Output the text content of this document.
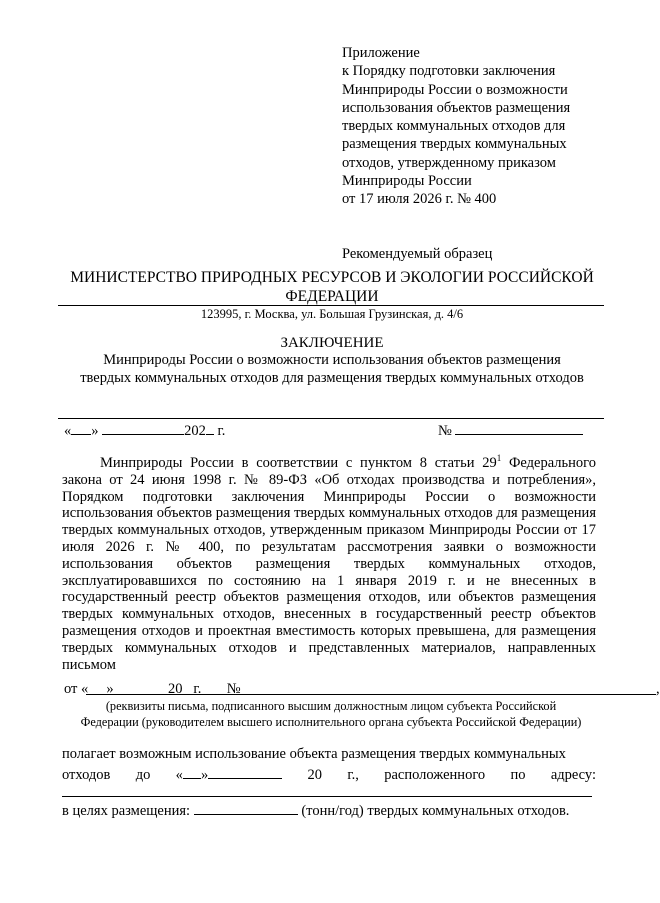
Приложение
к Порядку подготовки заключения
Минприроды России о возможности
использования объектов размещения
твердых коммунальных отходов для
размещения твердых коммунальных
отходов, утвержденному приказом
Минприроды России
от 17 июля 2026 г. № 400
Рекомендуемый образец
МИНИСТЕРСТВО ПРИРОДНЫХ РЕСУРСОВ И ЭКОЛОГИИ РОССИЙСКОЙ
ФЕДЕРАЦИИ
123995, г. Москва, ул. Большая Грузинская, д. 4/6
ЗАКЛЮЧЕНИЕ
Минприроды России о возможности использования объектов размещения
твердых коммунальных отходов для размещения твердых коммунальных отходов
« »	202 г.	№

Минприроды России в соответствии с пунктом 8 статьи $29^1$ Федерального закона от 24 июня 1998 г. № 89-ФЗ «Об отходах производства и потребления», Порядком подготовки заключения Минприроды России о возможности использования объектов размещения твердых коммунальных отходов для размещения твердых коммунальных отходов, утвержденным приказом Минприроды России от 17 июля 2026 г. № 400, по результатам рассмотрения заявки о возможности использования объектов размещения твердых коммунальных отходов, эксплуатировавшихся по состоянию на 1 января 2019 г. и не внесенных в государственный реестр объектов размещения отходов, или объектов размещения твердых коммунальных отходов, внесенных в государственный реестр объектов размещения отходов и проектная вместимость которых превышена, для размещения твердых коммунальных отходов и представленных материалов, направленных письмом

от «     »               20   г.       №	,
(реквизиты письма, подписанного высшим должностным лицом субъекта Российской
Федерации (руководителем высшего исполнительного органа субъекта Российской Федерации)

полагает возможным использование объекта размещения твердых коммунальных

отходов до « »	20 г., расположенного по адресу:

в целях размещения:	(тонн/год) твердых коммунальных отходов.
